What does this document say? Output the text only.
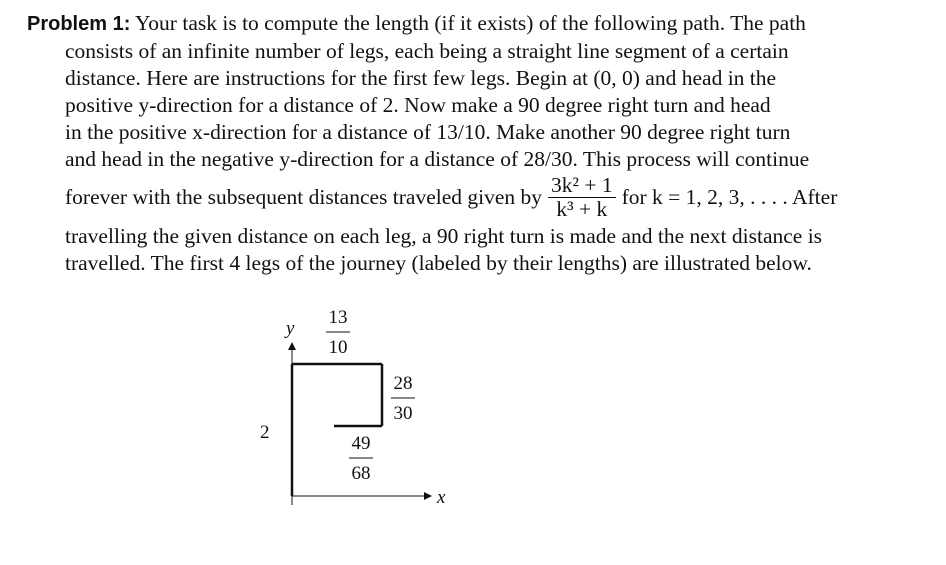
Problem 1: Your task is to compute the length (if it exists) of the following path. The path

consists of an infinite number of legs, each being a straight line segment of a certain

distance. Here are instructions for the first few legs. Begin at (0, 0) and head in the

positive y-direction for a distance of 2. Now make a 90 degree right turn and head

in the positive x-direction for a distance of 13/10. Make another 90 degree right turn

and head in the negative y-direction for a distance of 28/30. This process will continue

forever with the subsequent distances traveled given by $\frac{\text{3k² + 1}}{\text{k³ + k}}$ for k = 1, 2, 3, . . . . After

travelling the given distance on each leg, a 90 right turn is made and the next distance is

travelled. The first 4 legs of the journey (labeled by their lengths) are illustrated below.

y
x
2
13
10
28
30
49
68
